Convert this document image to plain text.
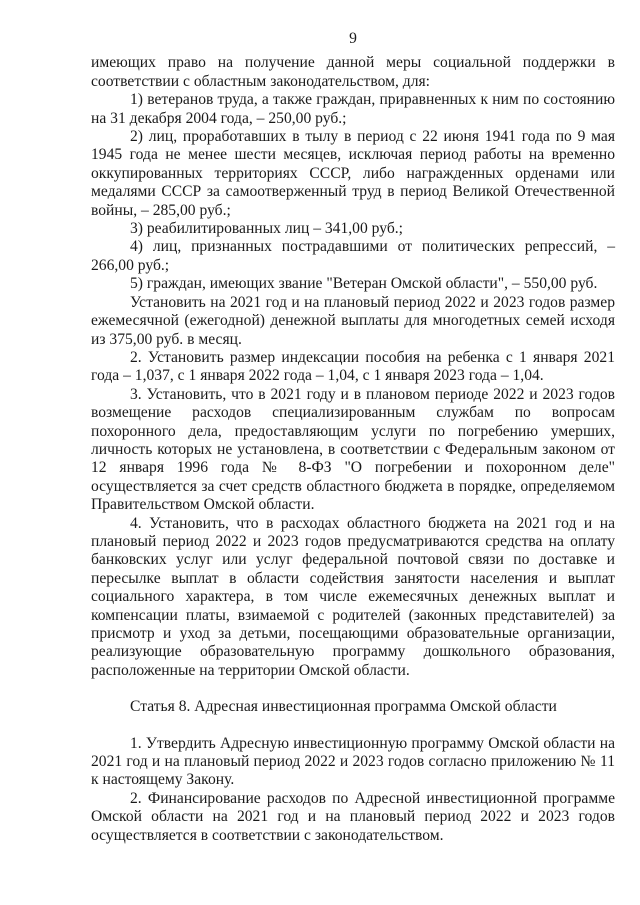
9

имеющих право на получение данной меры социальной поддержки в соответствии с областным законодательством, для:

1) ветеранов труда, а также граждан, приравненных к ним по состоянию на 31 декабря 2004 года, – 250,00 руб.;

2) лиц, проработавших в тылу в период с 22 июня 1941 года по 9 мая 1945 года не менее шести месяцев, исключая период работы на временно оккупированных территориях СССР, либо награжденных орденами или медалями СССР за самоотверженный труд в период Великой Отечественной войны, – 285,00 руб.;

3) реабилитированных лиц – 341,00 руб.;

4) лиц, признанных пострадавшими от политических репрессий, – 266,00 руб.;

5) граждан, имеющих звание "Ветеран Омской области", – 550,00 руб.

Установить на 2021 год и на плановый период 2022 и 2023 годов размер ежемесячной (ежегодной) денежной выплаты для многодетных семей исходя из 375,00 руб. в месяц.

2. Установить размер индексации пособия на ребенка с 1 января 2021 года – 1,037, с 1 января 2022 года – 1,04, с 1 января 2023 года – 1,04.

3. Установить, что в 2021 году и в плановом периоде 2022 и 2023 годов возмещение расходов специализированным службам по вопросам похоронного дела, предоставляющим услуги по погребению умерших, личность которых не установлена, в соответствии с Федеральным законом от 12 января 1996 года № 8-ФЗ "О погребении и похоронном деле" осуществляется за счет средств областного бюджета в порядке, определяемом Правительством Омской области.

4. Установить, что в расходах областного бюджета на 2021 год и на плановый период 2022 и 2023 годов предусматриваются средства на оплату банковских услуг или услуг федеральной почтовой связи по доставке и пересылке выплат в области содействия занятости населения и выплат социального характера, в том числе ежемесячных денежных выплат и компенсации платы, взимаемой с родителей (законных представителей) за присмотр и уход за детьми, посещающими образовательные организации, реализующие образовательную программу дошкольного образования, расположенные на территории Омской области.

Статья 8. Адресная инвестиционная программа Омской области

1. Утвердить Адресную инвестиционную программу Омской области на 2021 год и на плановый период 2022 и 2023 годов согласно приложению № 11 к настоящему Закону.

2. Финансирование расходов по Адресной инвестиционной программе Омской области на 2021 год и на плановый период 2022 и 2023 годов осуществляется в соответствии с законодательством.
